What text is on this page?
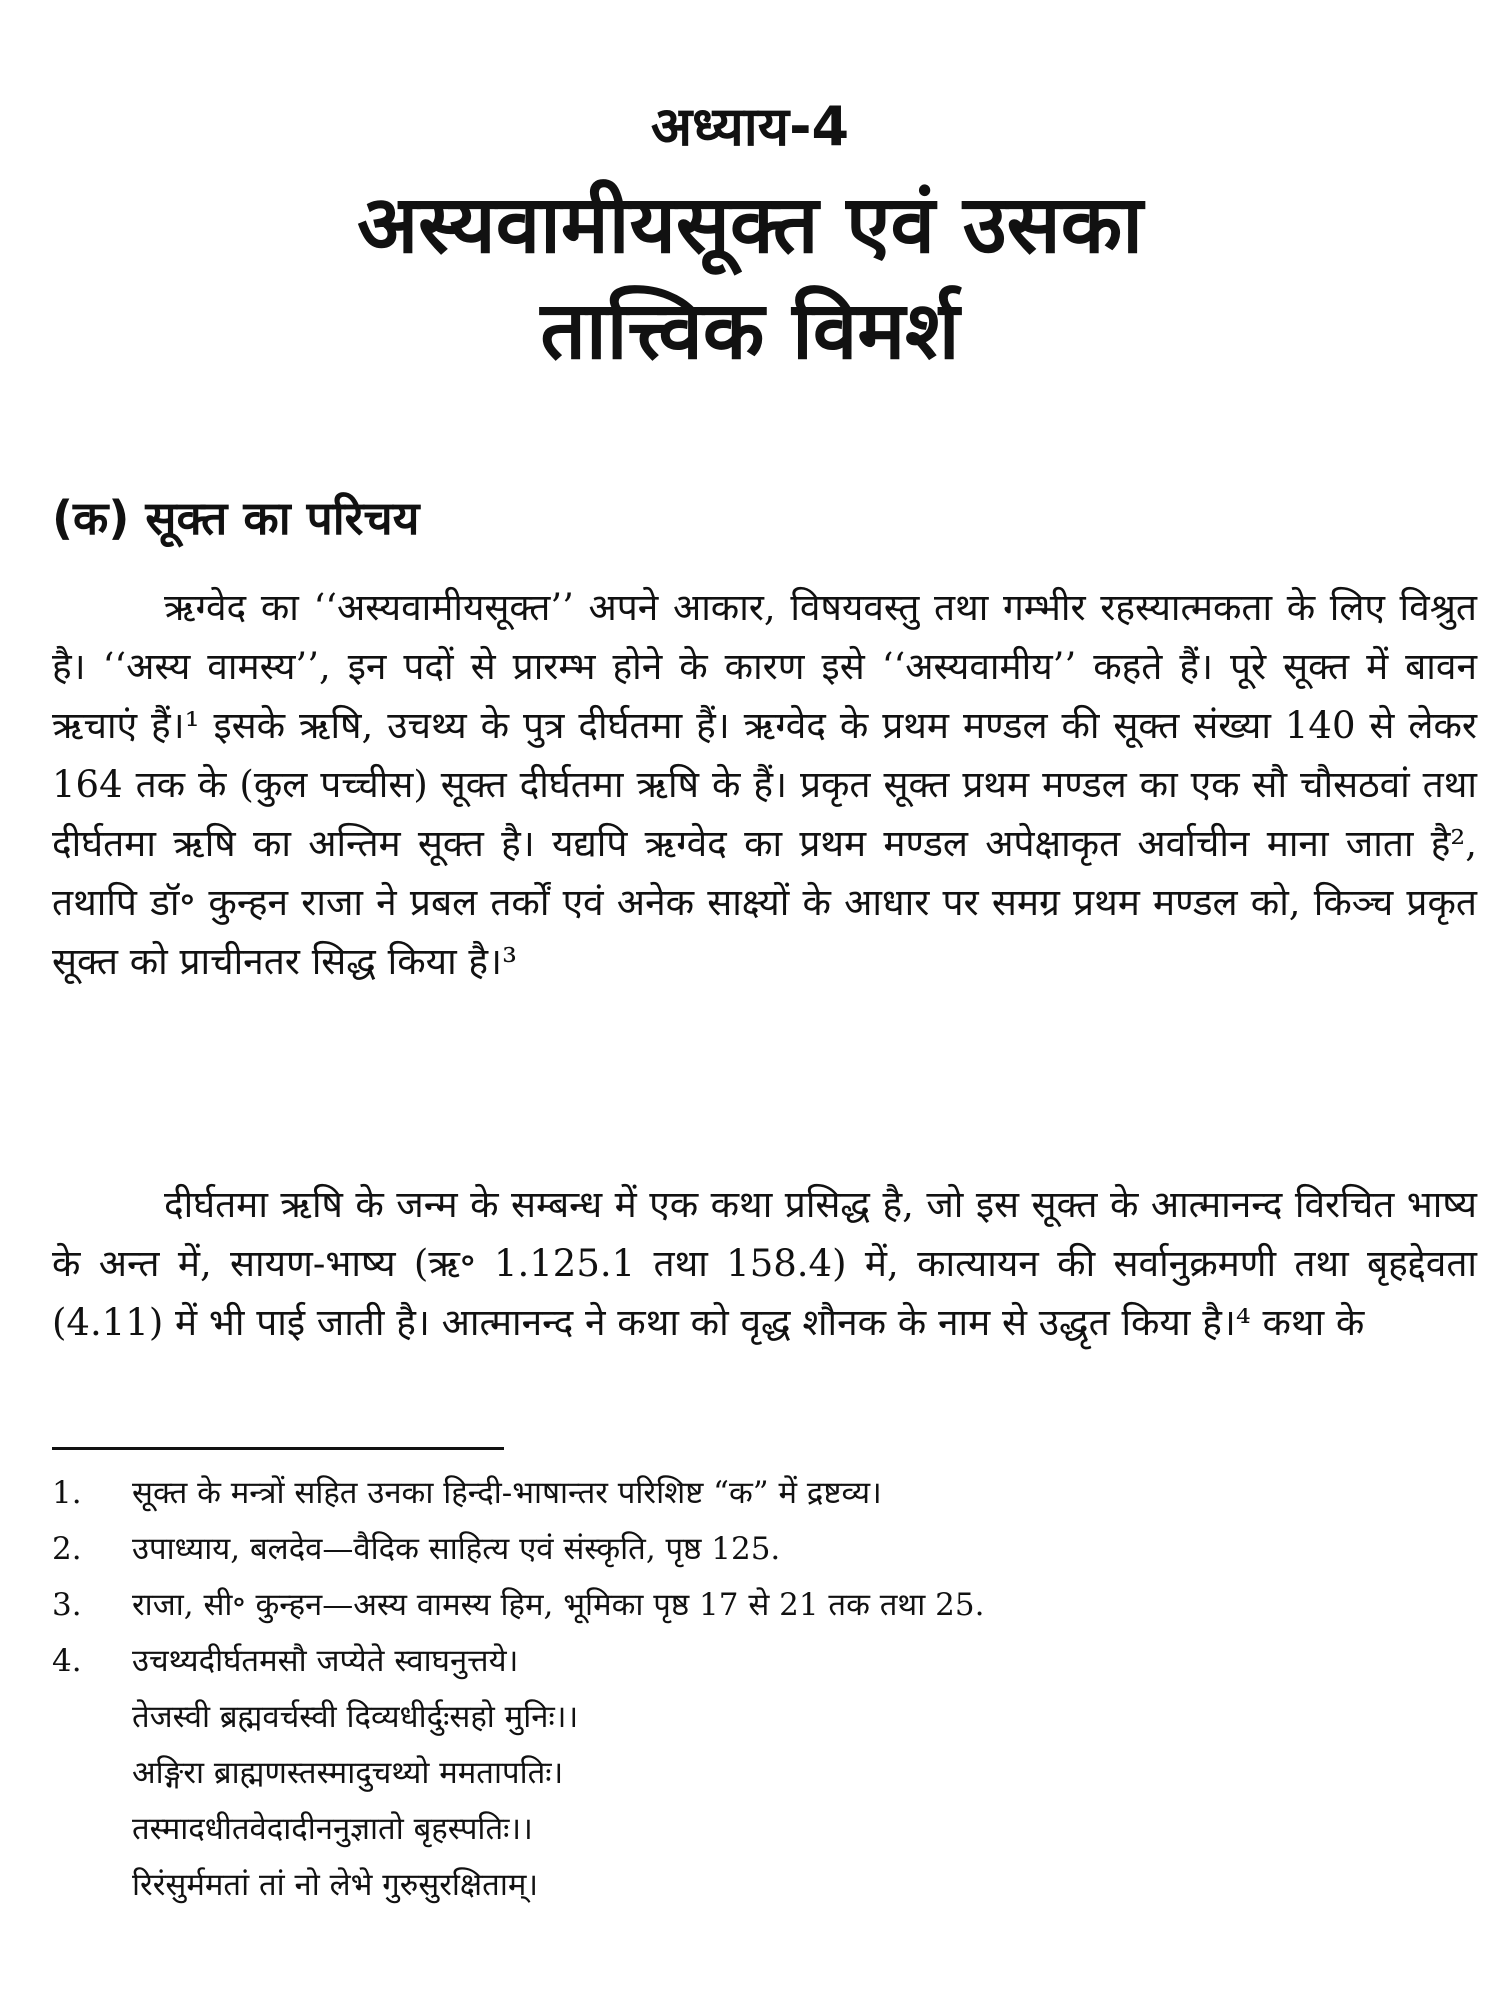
अध्याय-4
अस्यवामीयसूक्त एवं उसका
तात्त्विक विमर्श
(क) सूक्त का परिचय

ऋग्वेद का ‘‘अस्यवामीयसूक्त’’ अपने आकार, विषयवस्तु तथा गम्भीर रहस्यात्मकता के लिए विश्रुत है। ‘‘अस्य वामस्य’’, इन पदों से प्रारम्भ होने के कारण इसे ‘‘अस्यवामीय’’ कहते हैं। पूरे सूक्त में बावन ऋचाएं हैं।¹ इसके ऋषि, उचथ्य के पुत्र दीर्घतमा हैं। ऋग्वेद के प्रथम मण्डल की सूक्त संख्या 140 से लेकर 164 तक के (कुल पच्चीस) सूक्त दीर्घतमा ऋषि के हैं। प्रकृत सूक्त प्रथम मण्डल का एक सौ चौसठवां तथा दीर्घतमा ऋषि का अन्तिम सूक्त है। यद्यपि ऋग्वेद का प्रथम मण्डल अपेक्षाकृत अर्वाचीन माना जाता है², तथापि डॉ॰ कुन्हन राजा ने प्रबल तर्कों एवं अनेक साक्ष्यों के आधार पर समग्र प्रथम मण्डल को, किञ्च प्रकृत सूक्त को प्राचीनतर सिद्ध किया है।³

दीर्घतमा ऋषि के जन्म के सम्बन्ध में एक कथा प्रसिद्ध है, जो इस सूक्त के आत्मानन्द विरचित भाष्य के अन्त में, सायण-भाष्य (ऋ॰ 1.125.1 तथा 158.4) में, कात्यायन की सर्वानुक्रमणी तथा बृहद्देवता (4.11) में भी पाई जाती है। आत्मानन्द ने कथा को वृद्ध शौनक के नाम से उद्धृत किया है।⁴ कथा के

1.	सूक्त के मन्त्रों सहित उनका हिन्दी-भाषान्तर परिशिष्ट “क” में द्रष्टव्य।
2.	उपाध्याय, बलदेव—वैदिक साहित्य एवं संस्कृति, पृष्ठ 125.
3.	राजा, सी॰ कुन्हन—अस्य वामस्य हिम, भूमिका पृष्ठ 17 से 21 तक तथा 25.
4.	उचथ्यदीर्घतमसौ जप्येते स्वाघनुत्तये।
तेजस्वी ब्रह्मवर्चस्वी दिव्यधीर्दुःसहो मुनिः।।
अङ्गिरा ब्राह्मणस्तस्मादुचथ्यो ममतापतिः।
तस्मादधीतवेदादीननुज्ञातो बृहस्पतिः।।
रिरंसुर्ममतां तां नो लेभे गुरुसुरक्षिताम्।
